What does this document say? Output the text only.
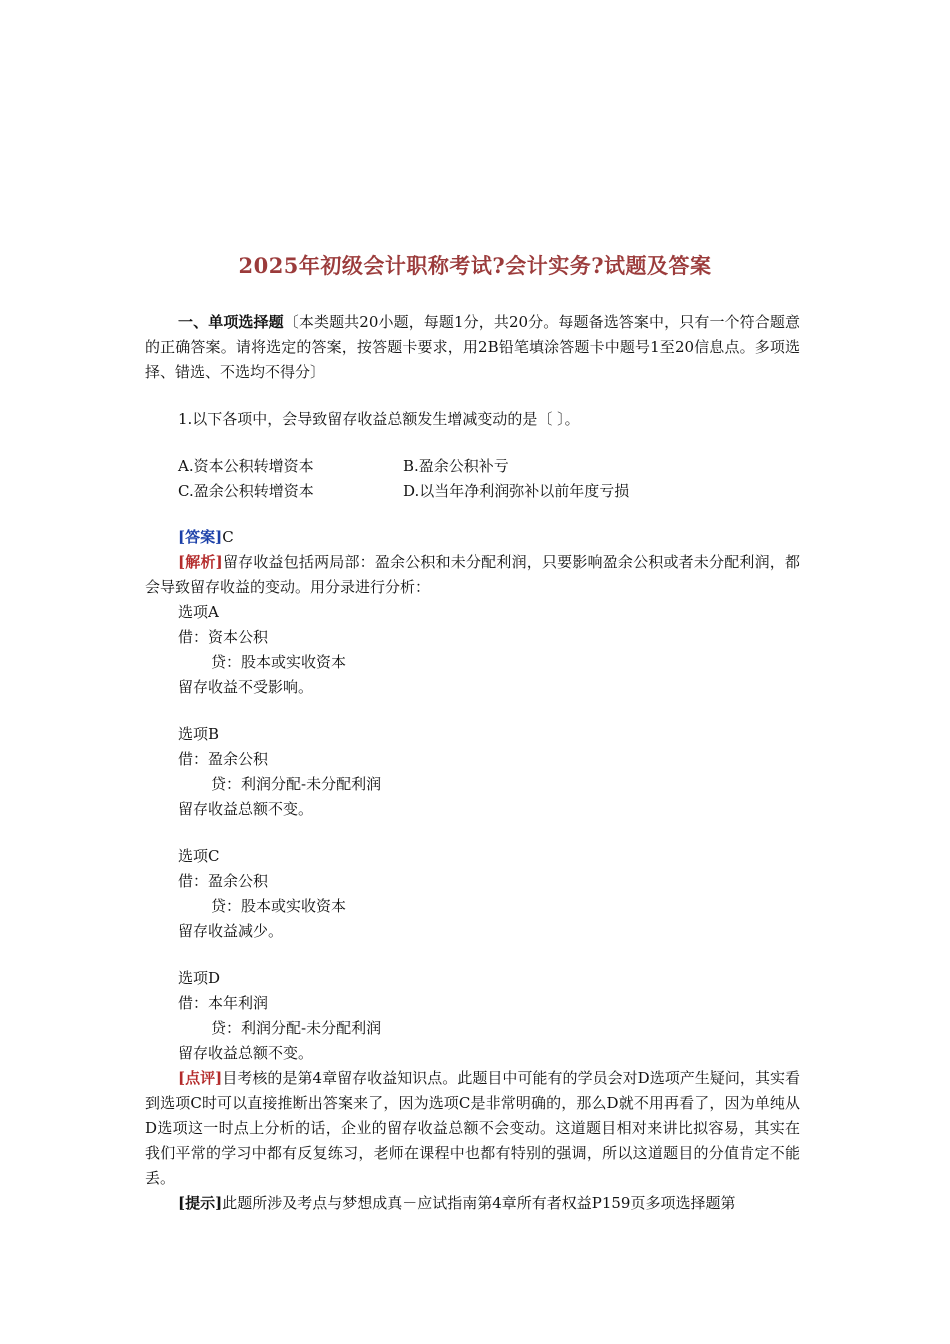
2025年初级会计职称考试?会计实务?试题及答案
一、单项选择题〔本类题共20小题，每题1分，共20分。每题备选答案中，只有一个符合题意的正确答案。请将选定的答案，按答题卡要求，用2B铅笔填涂答题卡中题号1至20信息点。多项选择、错选、不选均不得分〕
1.以下各项中，会导致留存收益总额发生增减变动的是〔 〕。
A.资本公积转增资本	B.盈余公积补亏
C.盈余公积转增资本	D.以当年净利润弥补以前年度亏损
[答案]C
[解析]留存收益包括两局部：盈余公积和未分配利润，只要影响盈余公积或者未分配利润，都会导致留存收益的变动。用分录进行分析：
选项A
借：资本公积
贷：股本或实收资本
留存收益不受影响。
选项B
借：盈余公积
贷：利润分配-未分配利润
留存收益总额不变。
选项C
借：盈余公积
贷：股本或实收资本
留存收益减少。
选项D
借：本年利润
贷：利润分配-未分配利润
留存收益总额不变。
[点评]目考核的是第4章留存收益知识点。此题目中可能有的学员会对D选项产生疑问，其实看到选项C时可以直接推断出答案来了，因为选项C是非常明确的，那么D就不用再看了，因为单纯从D选项这一时点上分析的话，企业的留存收益总额不会变动。这道题目相对来讲比拟容易，其实在我们平常的学习中都有反复练习，老师在课程中也都有特别的强调，所以这道题目的分值肯定不能丢。
[提示]此题所涉及考点与梦想成真－应试指南第4章所有者权益P159页多项选择题第
